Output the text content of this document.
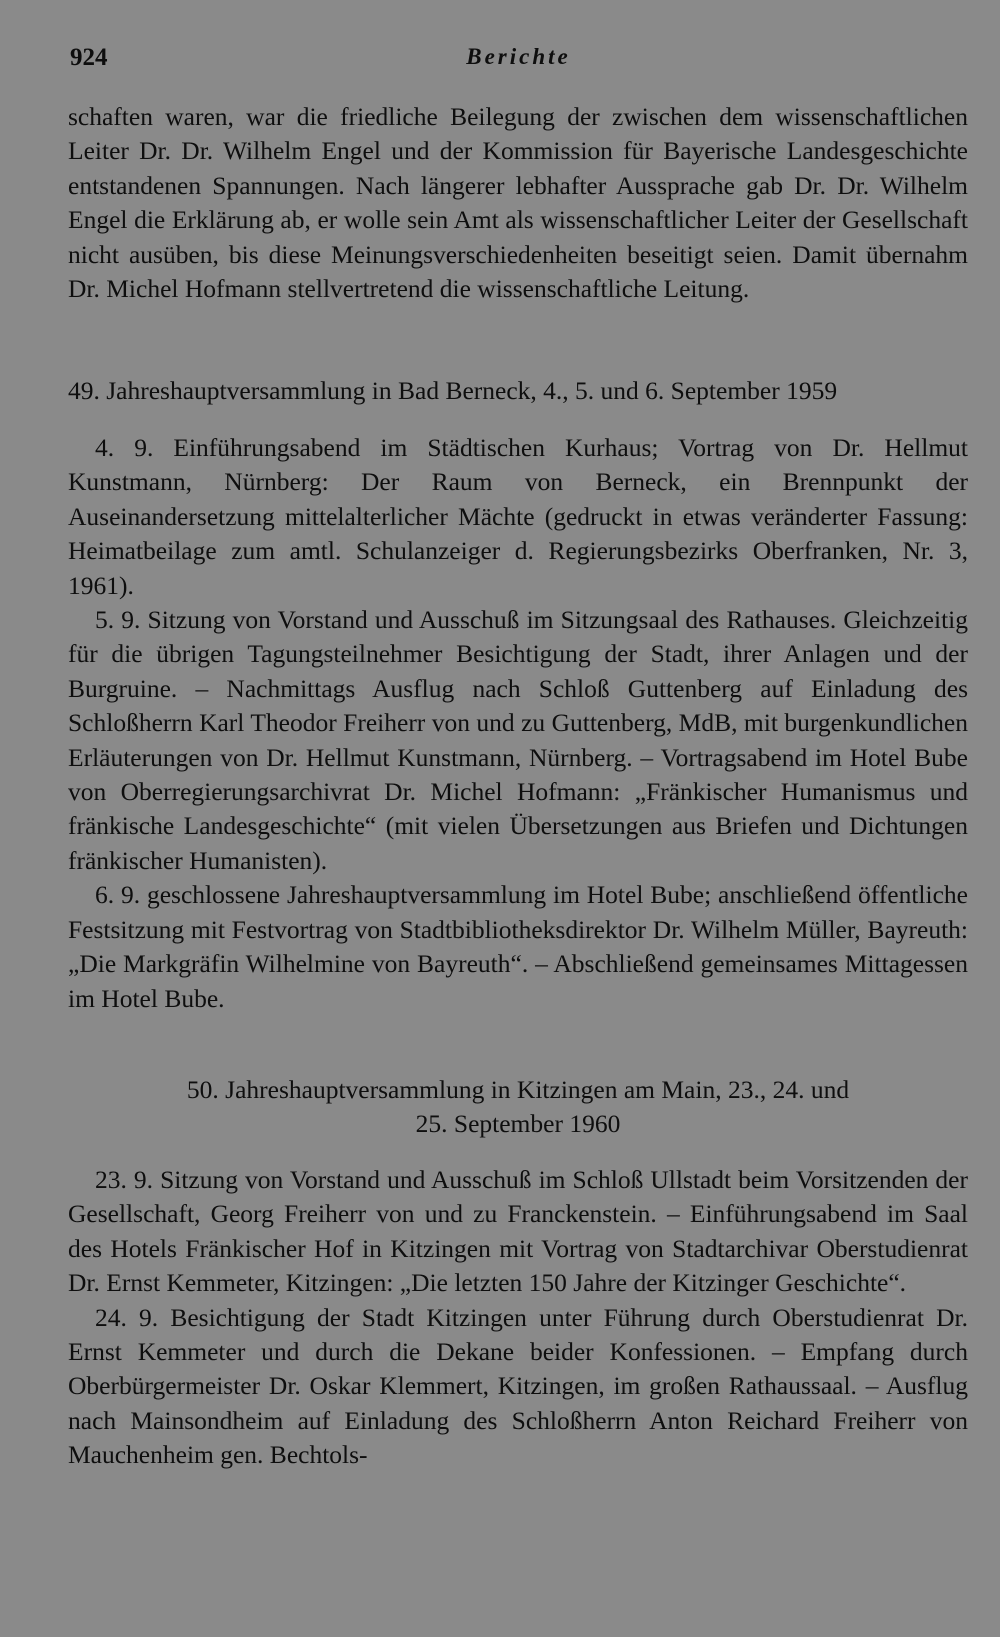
924	Berichte

schaften waren, war die friedliche Beilegung der zwischen dem wissenschaftlichen Leiter Dr. Dr. Wilhelm Engel und der Kommission für Bayerische Landesgeschichte entstandenen Spannungen. Nach längerer lebhafter Aussprache gab Dr. Dr. Wilhelm Engel die Erklärung ab, er wolle sein Amt als wissenschaftlicher Leiter der Gesellschaft nicht ausüben, bis diese Meinungsverschiedenheiten beseitigt seien. Damit übernahm Dr. Michel Hofmann stellvertretend die wissenschaftliche Leitung.

49. Jahreshauptversammlung in Bad Berneck, 4., 5. und 6. September 1959

4. 9. Einführungsabend im Städtischen Kurhaus; Vortrag von Dr. Hellmut Kunstmann, Nürnberg: Der Raum von Berneck, ein Brennpunkt der Auseinandersetzung mittelalterlicher Mächte (gedruckt in etwas veränderter Fassung: Heimatbeilage zum amtl. Schulanzeiger d. Regierungsbezirks Oberfranken, Nr. 3, 1961).

5. 9. Sitzung von Vorstand und Ausschuß im Sitzungsaal des Rathauses. Gleichzeitig für die übrigen Tagungsteilnehmer Besichtigung der Stadt, ihrer Anlagen und der Burgruine. – Nachmittags Ausflug nach Schloß Guttenberg auf Einladung des Schloßherrn Karl Theodor Freiherr von und zu Guttenberg, MdB, mit burgenkundlichen Erläuterungen von Dr. Hellmut Kunstmann, Nürnberg. – Vortragsabend im Hotel Bube von Oberregierungsarchivrat Dr. Michel Hofmann: „Fränkischer Humanismus und fränkische Landesgeschichte“ (mit vielen Übersetzungen aus Briefen und Dichtungen fränkischer Humanisten).

6. 9. geschlossene Jahreshauptversammlung im Hotel Bube; anschließend öffentliche Festsitzung mit Festvortrag von Stadtbibliotheksdirektor Dr. Wilhelm Müller, Bayreuth: „Die Markgräfin Wilhelmine von Bayreuth“. – Abschließend gemeinsames Mittagessen im Hotel Bube.

50. Jahreshauptversammlung in Kitzingen am Main, 23., 24. und
25. September 1960

23. 9. Sitzung von Vorstand und Ausschuß im Schloß Ullstadt beim Vorsitzenden der Gesellschaft, Georg Freiherr von und zu Franckenstein. – Einführungsabend im Saal des Hotels Fränkischer Hof in Kitzingen mit Vortrag von Stadtarchivar Oberstudienrat Dr. Ernst Kemmeter, Kitzingen: „Die letzten 150 Jahre der Kitzinger Geschichte“.

24. 9. Besichtigung der Stadt Kitzingen unter Führung durch Oberstudienrat Dr. Ernst Kemmeter und durch die Dekane beider Konfessionen. – Empfang durch Oberbürgermeister Dr. Oskar Klemmert, Kitzingen, im großen Rathaussaal. – Ausflug nach Mainsondheim auf Einladung des Schloßherrn Anton Reichard Freiherr von Mauchenheim gen. Bechtols-
